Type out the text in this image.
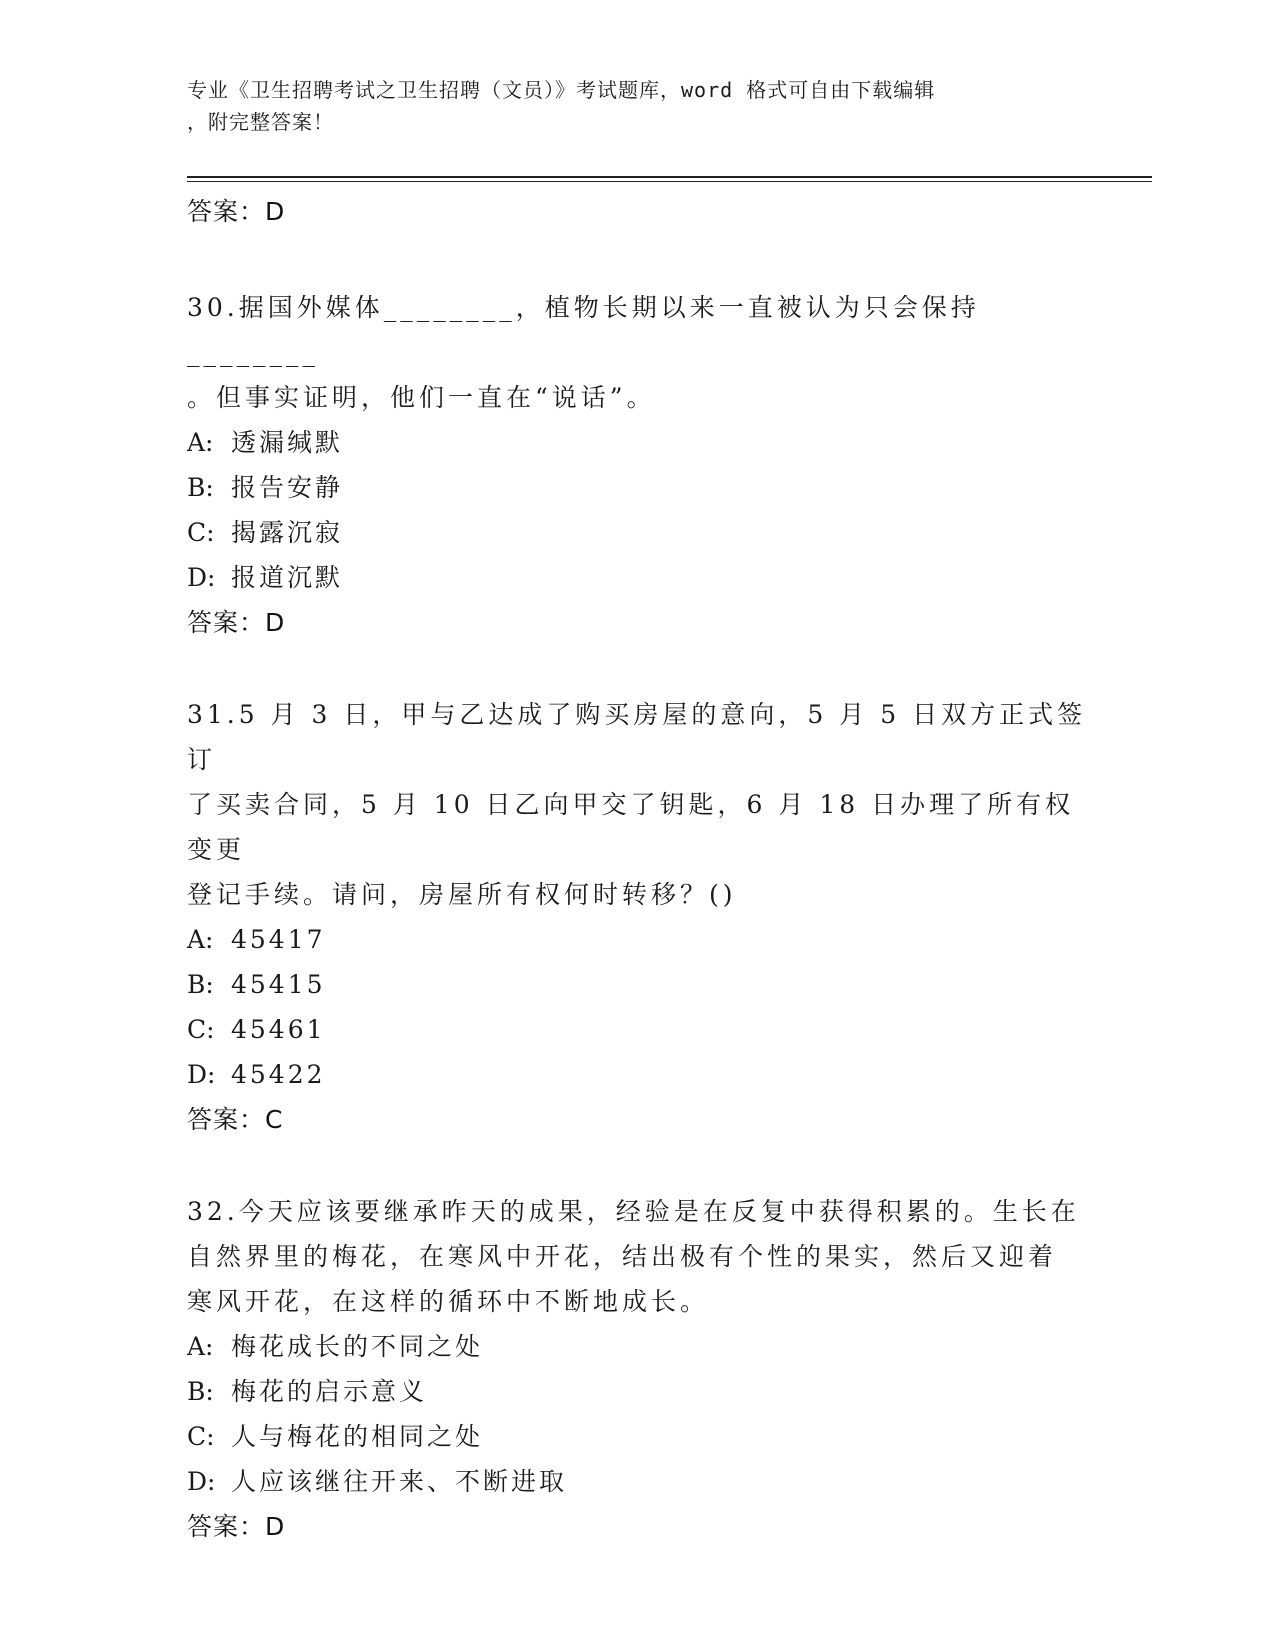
专业《卫生招聘考试之卫生招聘（文员）》考试题库，word 格式可自由下载编辑
，附完整答案！
答案：D
30.据国外媒体________，植物长期以来一直被认为只会保持________
。但事实证明，他们一直在“说话”。
A: 透漏缄默
B: 报告安静
C: 揭露沉寂
D: 报道沉默
答案：D
31.5 月 3 日，甲与乙达成了购买房屋的意向，5 月 5 日双方正式签订
了买卖合同，5 月 10 日乙向甲交了钥匙，6 月 18 日办理了所有权变更
登记手续。请问，房屋所有权何时转移？()
A: 45417
B: 45415
C: 45461
D: 45422
答案：C
32.今天应该要继承昨天的成果，经验是在反复中获得积累的。生长在
自然界里的梅花，在寒风中开花，结出极有个性的果实，然后又迎着
寒风开花，在这样的循环中不断地成长。
A: 梅花成长的不同之处
B: 梅花的启示意义
C: 人与梅花的相同之处
D: 人应该继往开来、不断进取
答案：D
